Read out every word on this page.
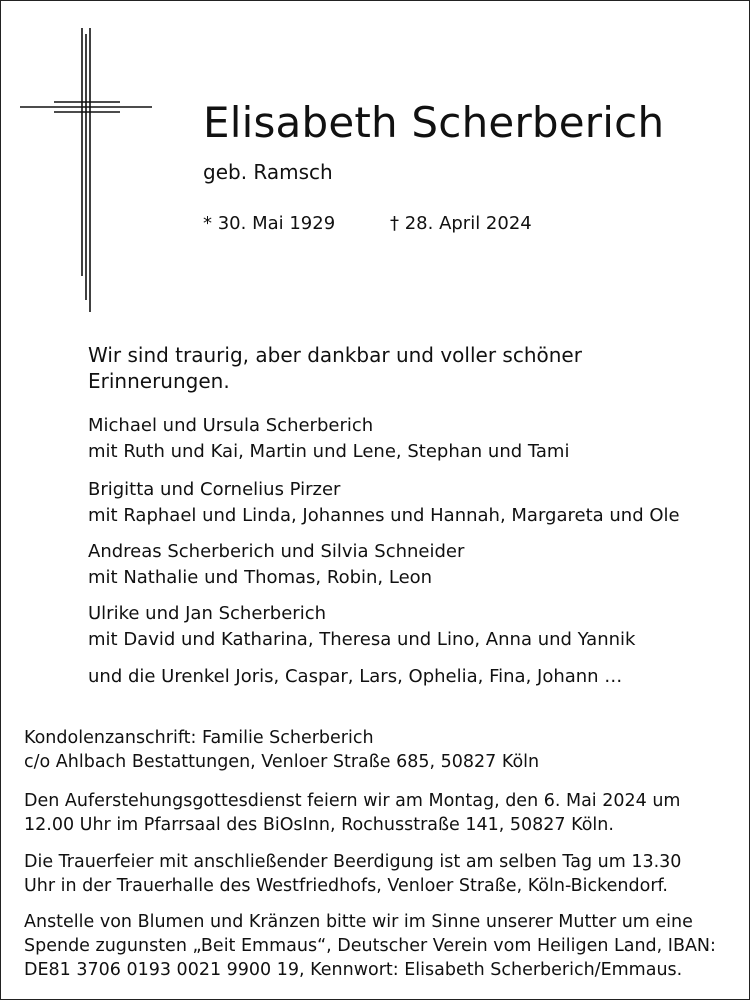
Elisabeth Scherberich
geb. Ramsch
* 30. Mai 1929	† 28. April 2024
Wir sind traurig, aber dankbar und voller schöner
Erinnerungen.
Michael und Ursula Scherberich
mit Ruth und Kai, Martin und Lene, Stephan und Tami
Brigitta und Cornelius Pirzer
mit Raphael und Linda, Johannes und Hannah, Margareta und Ole
Andreas Scherberich und Silvia Schneider
mit Nathalie und Thomas, Robin, Leon
Ulrike und Jan Scherberich
mit David und Katharina, Theresa und Lino, Anna und Yannik
und die Urenkel Joris, Caspar, Lars, Ophelia, Fina, Johann …
Kondolenzanschrift: Familie Scherberich
c/o Ahlbach Bestattungen, Venloer Straße 685, 50827 Köln
Den Auferstehungsgottesdienst feiern wir am Montag, den 6. Mai 2024 um
12.00 Uhr im Pfarrsaal des BiOsInn, Rochusstraße 141, 50827 Köln.
Die Trauerfeier mit anschließender Beerdigung ist am selben Tag um 13.30
Uhr in der Trauerhalle des Westfriedhofs, Venloer Straße, Köln-Bickendorf.
Anstelle von Blumen und Kränzen bitte wir im Sinne unserer Mutter um eine
Spende zugunsten „Beit Emmaus“, Deutscher Verein vom Heiligen Land, IBAN:
DE81 3706 0193 0021 9900 19, Kennwort: Elisabeth Scherberich/Emmaus.
